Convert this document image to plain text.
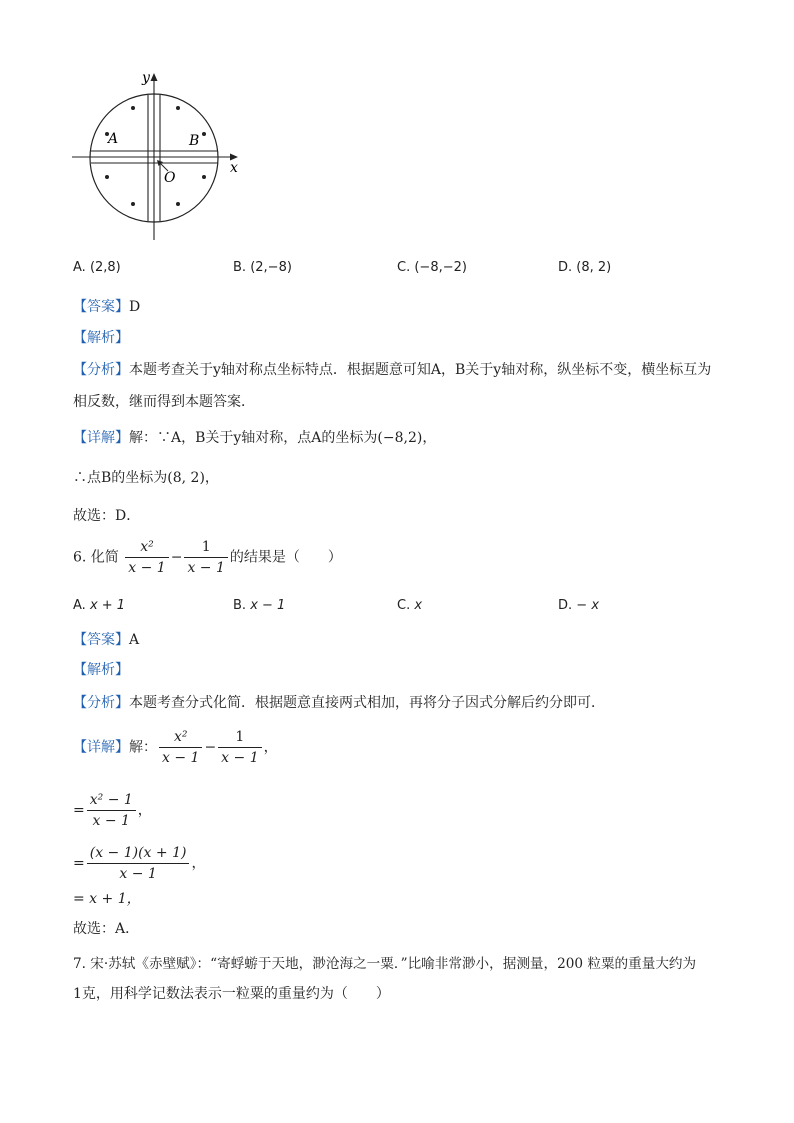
y
x
A	B
O
A. (2,8)	B. (2,−8)	C. (−8,−2)	D. (8, 2)
【答案】D
【解析】
【分析】本题考查关于y轴对称点坐标特点．根据题意可知A，B关于y轴对称，纵坐标不变，横坐标互为
相反数，继而得到本题答案．
【详解】解：∵A，B关于y轴对称，点A的坐标为(−8,2)，
∴点B的坐标为(8, 2)，
故选：D．
6. 化简 $\frac{\text{x²}}{x - 1} - \frac{1}{x - 1}$ 的结果是（　　）
A. x + 1	B. x − 1	C. x	D. − x
【答案】A
【解析】
【分析】本题考查分式化简．根据题意直接两式相加，再将分子因式分解后约分即可．
【详解】解： $\frac{\text{x²}}{x - 1} - \frac{1}{x - 1}$ ，
= $\frac{\text{x² − 1}}{x - 1}$ ，
= $\frac{(x - 1)(x + 1)}{x - 1}$ ，
= x + 1，
故选：A．
7. 宋·苏轼《赤壁赋》：“寄蜉蝣于天地，渺沧海之一粟．”比喻非常渺小，据测量，200 粒粟的重量大约为
1克，用科学记数法表示一粒粟的重量约为（　　）
